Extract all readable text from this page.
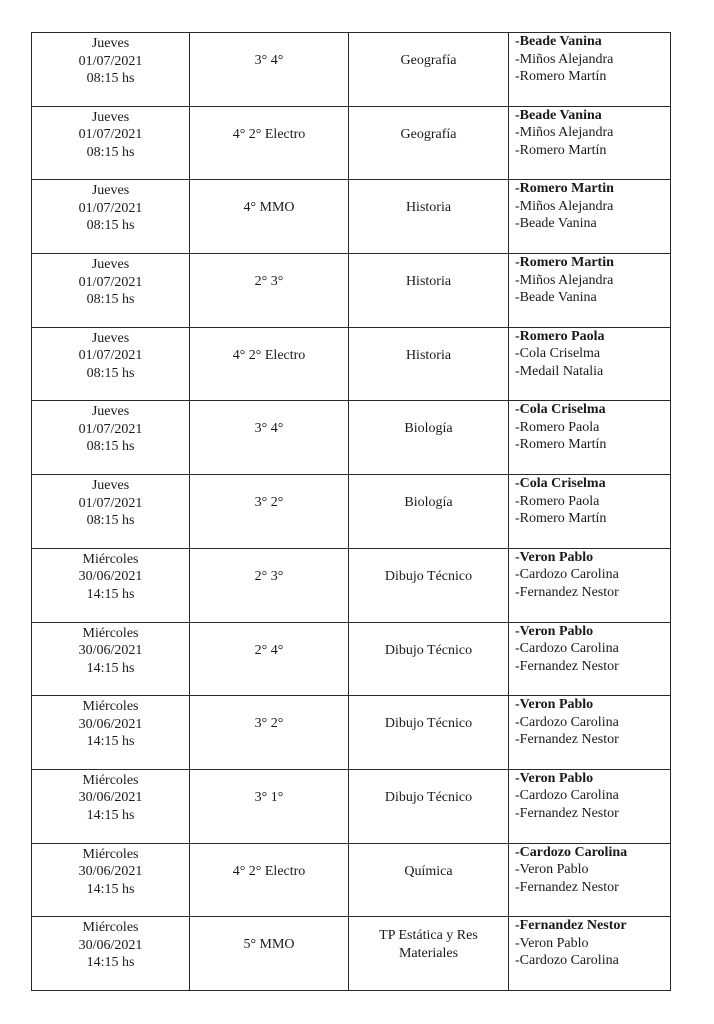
Jueves
01/07/2021
08:15 hs	3° 4°	Geografía	-Beade Vanina
-Miños Alejandra
-Romero Martín

Jueves
01/07/2021
08:15 hs	4° 2° Electro	Geografía	-Beade Vanina
-Miños Alejandra
-Romero Martín

Jueves
01/07/2021
08:15 hs	4° MMO	Historia	-Romero Martin
-Miños Alejandra
-Beade Vanina

Jueves
01/07/2021
08:15 hs	2° 3°	Historia	-Romero Martin
-Miños Alejandra
-Beade Vanina

Jueves
01/07/2021
08:15 hs	4° 2° Electro	Historia	-Romero Paola
-Cola Criselma
-Medail Natalia

Jueves
01/07/2021
08:15 hs	3° 4°	Biología	-Cola Criselma
-Romero Paola
-Romero Martín

Jueves
01/07/2021
08:15 hs	3° 2°	Biología	-Cola Criselma
-Romero Paola
-Romero Martín

Miércoles
30/06/2021
14:15 hs	2° 3°	Dibujo Técnico	-Veron Pablo
-Cardozo Carolina
-Fernandez Nestor

Miércoles
30/06/2021
14:15 hs	2° 4°	Dibujo Técnico	-Veron Pablo
-Cardozo Carolina
-Fernandez Nestor

Miércoles
30/06/2021
14:15 hs	3° 2°	Dibujo Técnico	-Veron Pablo
-Cardozo Carolina
-Fernandez Nestor

Miércoles
30/06/2021
14:15 hs	3° 1°	Dibujo Técnico	-Veron Pablo
-Cardozo Carolina
-Fernandez Nestor

Miércoles
30/06/2021
14:15 hs	4° 2° Electro	Química	-Cardozo Carolina
-Veron Pablo
-Fernandez Nestor

Miércoles
30/06/2021
14:15 hs	5° MMO	TP Estática y Res
Materiales	-Fernandez Nestor
-Veron Pablo
-Cardozo Carolina
